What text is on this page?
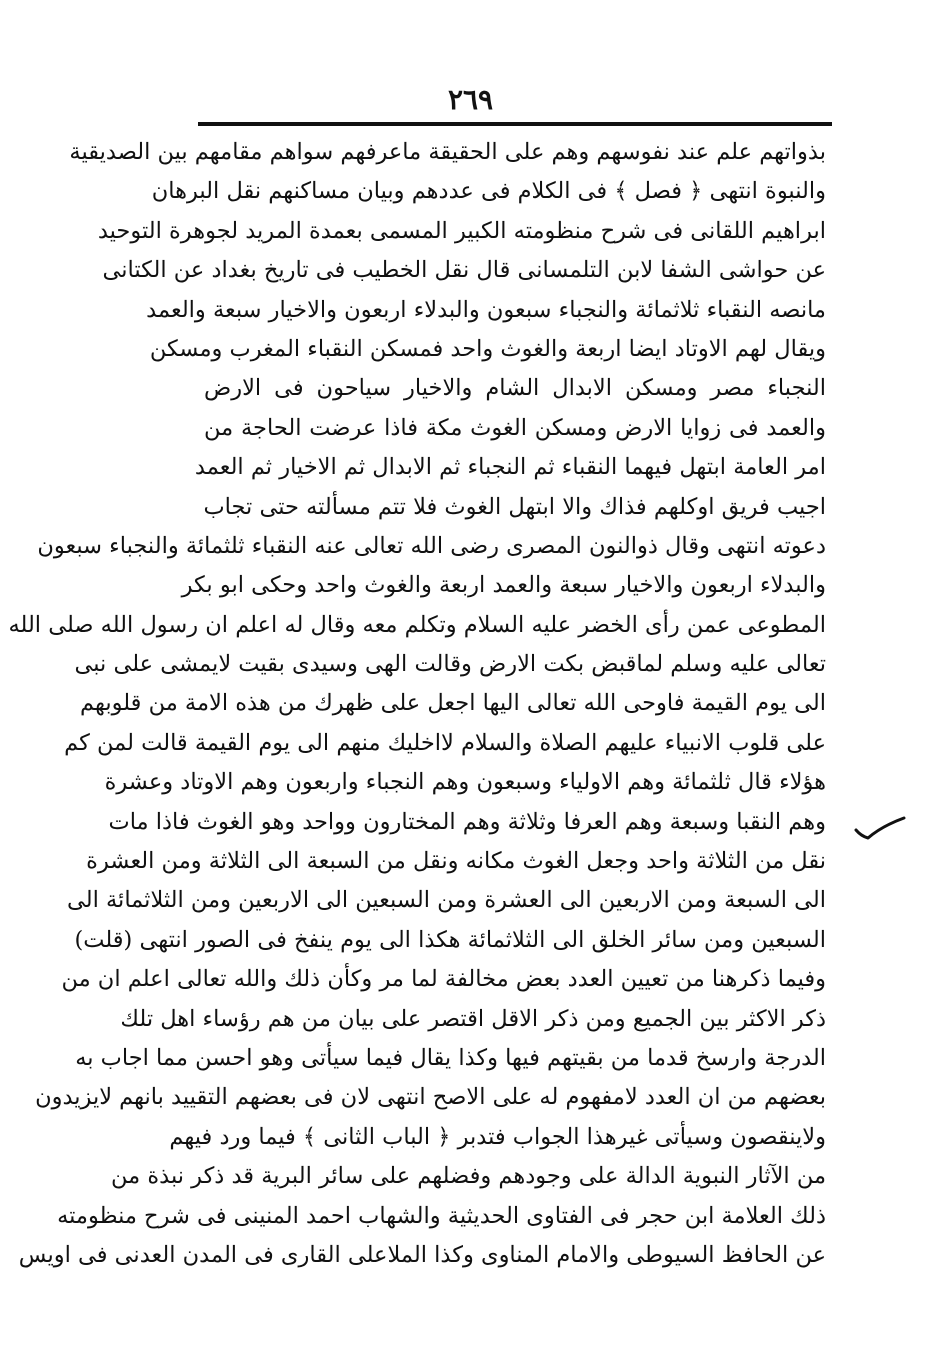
٢٦٩
بذواتهم علم عند نفوسهم وهم على الحقيقة ماعرفهم سواهم مقامهم بين الصديقية
والنبوة انتهى ﴿ فصل ﴾ فى الكلام فى عددهم وبيان مساكنهم نقل البرهان
ابراهيم اللقانى فى شرح منظومته الكبير المسمى بعمدة المريد لجوهرة التوحيد
عن حواشى الشفا لابن التلمسانى قال نقل الخطيب فى تاريخ بغداد عن الكتانى
مانصه النقباء ثلاثمائة والنجباء سبعون والبدلاء اربعون والاخيار سبعة والعمد
ويقال لهم الاوتاد ايضا اربعة والغوث واحد فمسكن النقباء المغرب ومسكن
النجباء مصر ومسكن الابدال الشام والاخيار سياحون فى الارض
والعمد فى زوايا الارض ومسكن الغوث مكة فاذا عرضت الحاجة من
امر العامة ابتهل فيهما النقباء ثم النجباء ثم الابدال ثم الاخيار ثم العمد
اجيب فريق اوكلهم فذاك والا ابتهل الغوث فلا تتم مسألته حتى تجاب
دعوته انتهى وقال ذوالنون المصرى رضى الله تعالى عنه النقباء ثلثمائة والنجباء سبعون
والبدلاء اربعون والاخيار سبعة والعمد اربعة والغوث واحد وحكى ابو بكر
المطوعى عمن رأى الخضر عليه السلام وتكلم معه وقال له اعلم ان رسول الله صلى الله
تعالى عليه وسلم لماقبض بكت الارض وقالت الهى وسيدى بقيت لايمشى على نبى
الى يوم القيمة فاوحى الله تعالى اليها اجعل على ظهرك من هذه الامة من قلوبهم
على قلوب الانبياء عليهم الصلاة والسلام لااخليك منهم الى يوم القيمة قالت لمن كم
هؤلاء قال ثلثمائة وهم الاولياء وسبعون وهم النجباء واربعون وهم الاوتاد وعشرة
وهم النقبا وسبعة وهم العرفا وثلاثة وهم المختارون وواحد وهو الغوث فاذا مات
نقل من الثلاثة واحد وجعل الغوث مكانه ونقل من السبعة الى الثلاثة ومن العشرة
الى السبعة ومن الاربعين الى العشرة ومن السبعين الى الاربعين ومن الثلاثمائة الى
السبعين ومن سائر الخلق الى الثلاثمائة هكذا الى يوم ينفخ فى الصور انتهى (قلت)
وفيما ذكرهنا من تعيين العدد بعض مخالفة لما مر وكأن ذلك والله تعالى اعلم ان من
ذكر الاكثر بين الجميع ومن ذكر الاقل اقتصر على بيان من هم رؤساء اهل تلك
الدرجة وارسخ قدما من بقيتهم فيها وكذا يقال فيما سيأتى وهو احسن مما اجاب به
بعضهم من ان العدد لامفهوم له على الاصح انتهى لان فى بعضهم التقييد بانهم لايزيدون
ولاينقصون وسيأتى غيرهذا الجواب فتدبر ﴿ الباب الثانى ﴾ فيما ورد فيهم
من الآثار النبوية الدالة على وجودهم وفضلهم على سائر البرية قد ذكر نبذة من
ذلك العلامة ابن حجر فى الفتاوى الحديثية والشهاب احمد المنينى فى شرح منظومته
عن الحافظ السيوطى والامام المناوى وكذا الملاعلى القارى فى المدن العدنى فى اويس
